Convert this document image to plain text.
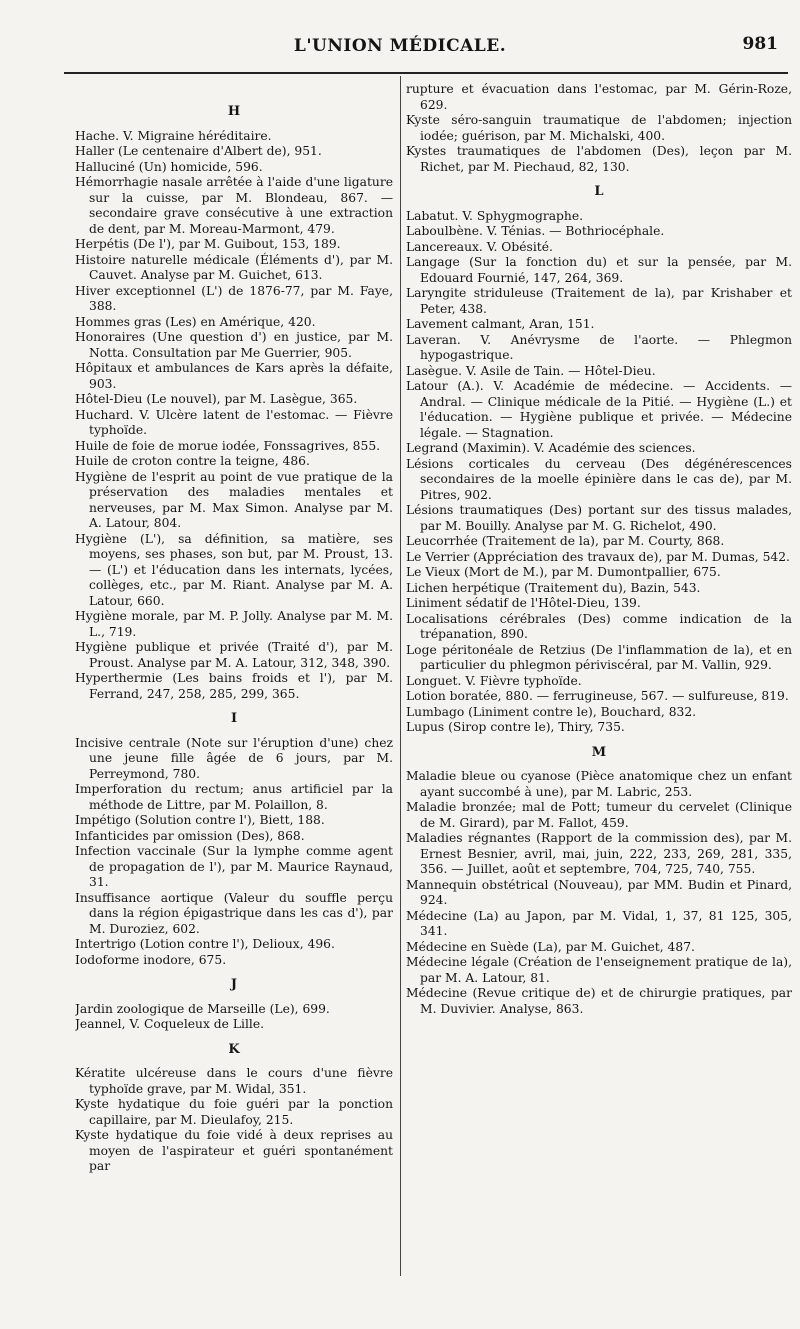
L'UNION MÉDICALE.	981
H

Hache. V. Migraine héréditaire.

Haller (Le centenaire d'Albert de), 951.

Halluciné (Un) homicide, 596.

Hémorrhagie nasale arrêtée à l'aide d'une ligature sur la cuisse, par M. Blondeau, 867. — secondaire grave consécutive à une extraction de dent, par M. Moreau-Marmont, 479.

Herpétis (De l'), par M. Guibout, 153, 189.

Histoire naturelle médicale (Éléments d'), par M. Cauvet. Analyse par M. Guichet, 613.

Hiver exceptionnel (L') de 1876-77, par M. Faye, 388.

Hommes gras (Les) en Amérique, 420.

Honoraires (Une question d') en justice, par M. Notta. Consultation par Me Guerrier, 905.

Hôpitaux et ambulances de Kars après la défaite, 903.

Hôtel-Dieu (Le nouvel), par M. Lasègue, 365.

Huchard. V. Ulcère latent de l'estomac. — Fièvre typhoïde.

Huile de foie de morue iodée, Fonssagrives, 855.

Huile de croton contre la teigne, 486.

Hygiène de l'esprit au point de vue pratique de la préservation des maladies mentales et nerveuses, par M. Max Simon. Analyse par M. A. Latour, 804.

Hygiène (L'), sa définition, sa matière, ses moyens, ses phases, son but, par M. Proust, 13. — (L') et l'éducation dans les internats, lycées, collèges, etc., par M. Riant. Analyse par M. A. Latour, 660.

Hygiène morale, par M. P. Jolly. Analyse par M. M. L., 719.

Hygiène publique et privée (Traité d'), par M. Proust. Analyse par M. A. Latour, 312, 348, 390.

Hyperthermie (Les bains froids et l'), par M. Ferrand, 247, 258, 285, 299, 365.

I

Incisive centrale (Note sur l'éruption d'une) chez une jeune fille âgée de 6 jours, par M. Perreymond, 780.

Imperforation du rectum; anus artificiel par la méthode de Littre, par M. Polaillon, 8.

Impétigo (Solution contre l'), Biett, 188.

Infanticides par omission (Des), 868.

Infection vaccinale (Sur la lymphe comme agent de propagation de l'), par M. Maurice Raynaud, 31.

Insuffisance aortique (Valeur du souffle perçu dans la région épigastrique dans les cas d'), par M. Duroziez, 602.

Intertrigo (Lotion contre l'), Delioux, 496.

Iodoforme inodore, 675.

J

Jardin zoologique de Marseille (Le), 699.

Jeannel, V. Coqueleux de Lille.

K

Kératite ulcéreuse dans le cours d'une fièvre typhoïde grave, par M. Widal, 351.

Kyste hydatique du foie guéri par la ponction capillaire, par M. Dieulafoy, 215.

Kyste hydatique du foie vidé à deux reprises au moyen de l'aspirateur et guéri spontanément par

rupture et évacuation dans l'estomac, par M. Gérin-Roze, 629.

Kyste séro-sanguin traumatique de l'abdomen; injection iodée; guérison, par M. Michalski, 400.

Kystes traumatiques de l'abdomen (Des), leçon par M. Richet, par M. Piechaud, 82, 130.

L

Labatut. V. Sphygmographe.

Laboulbène. V. Ténias. — Bothriocéphale.

Lancereaux. V. Obésité.

Langage (Sur la fonction du) et sur la pensée, par M. Edouard Fournié, 147, 264, 369.

Laryngite striduleuse (Traitement de la), par Krishaber et Peter, 438.

Lavement calmant, Aran, 151.

Laveran. V. Anévrysme de l'aorte. — Phlegmon hypogastrique.

Lasègue. V. Asile de Tain. — Hôtel-Dieu.

Latour (A.). V. Académie de médecine. — Accidents. — Andral. — Clinique médicale de la Pitié. — Hygiène (L.) et l'éducation. — Hygiène publique et privée. — Médecine légale. — Stagnation.

Legrand (Maximin). V. Académie des sciences.

Lésions corticales du cerveau (Des dégénérescences secondaires de la moelle épinière dans le cas de), par M. Pitres, 902.

Lésions traumatiques (Des) portant sur des tissus malades, par M. Bouilly. Analyse par M. G. Richelot, 490.

Leucorrhée (Traitement de la), par M. Courty, 868.

Le Verrier (Appréciation des travaux de), par M. Dumas, 542.

Le Vieux (Mort de M.), par M. Dumontpallier, 675.

Lichen herpétique (Traitement du), Bazin, 543.

Liniment sédatif de l'Hôtel-Dieu, 139.

Localisations cérébrales (Des) comme indication de la trépanation, 890.

Loge péritonéale de Retzius (De l'inflammation de la), et en particulier du phlegmon périviscéral, par M. Vallin, 929.

Longuet. V. Fièvre typhoïde.

Lotion boratée, 880. — ferrugineuse, 567. — sulfureuse, 819.

Lumbago (Liniment contre le), Bouchard, 832.

Lupus (Sirop contre le), Thiry, 735.

M

Maladie bleue ou cyanose (Pièce anatomique chez un enfant ayant succombé à une), par M. Labric, 253.

Maladie bronzée; mal de Pott; tumeur du cervelet (Clinique de M. Girard), par M. Fallot, 459.

Maladies régnantes (Rapport de la commission des), par M. Ernest Besnier, avril, mai, juin, 222, 233, 269, 281, 335, 356. — Juillet, août et septembre, 704, 725, 740, 755.

Mannequin obstétrical (Nouveau), par MM. Budin et Pinard, 924.

Médecine (La) au Japon, par M. Vidal, 1, 37, 81 125, 305, 341.

Médecine en Suède (La), par M. Guichet, 487.

Médecine légale (Création de l'enseignement pratique de la), par M. A. Latour, 81.

Médecine (Revue critique de) et de chirurgie pratiques, par M. Duvivier. Analyse, 863.
